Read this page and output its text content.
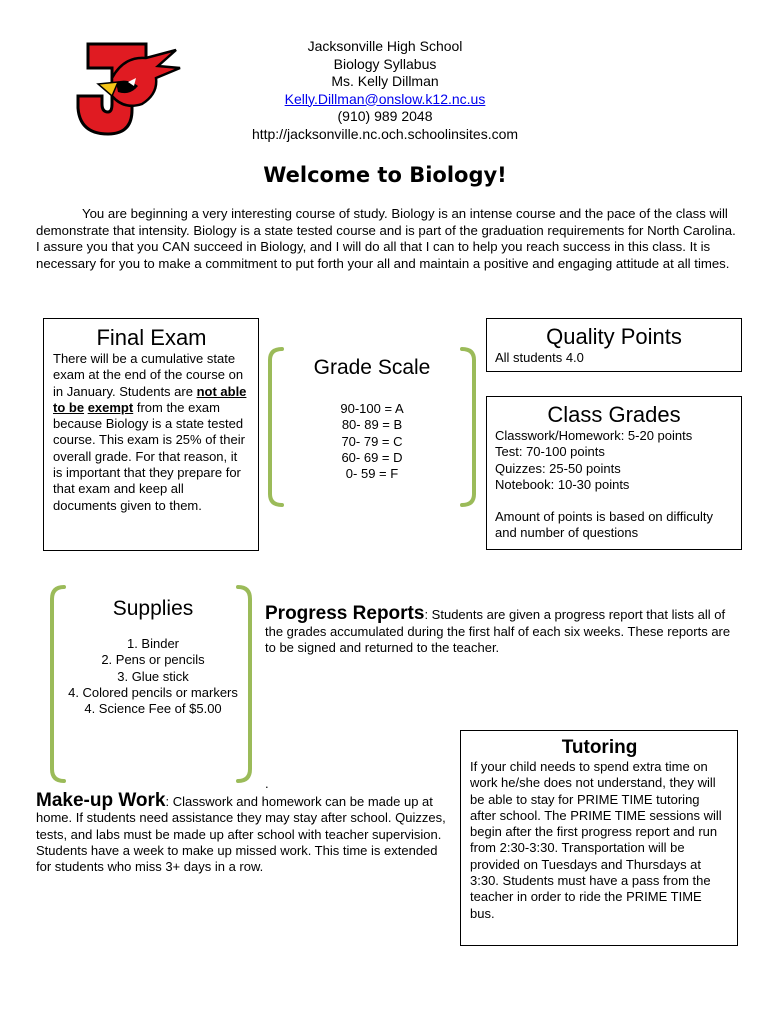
Jacksonville High School
Biology Syllabus
Ms. Kelly Dillman
Kelly.Dillman@onslow.k12.nc.us
(910) 989 2048
http://jacksonville.nc.och.schoolinsites.com
Welcome to Biology!
You are beginning a very interesting course of study. Biology is an intense course and the pace of the class will demonstrate that intensity. Biology is a state tested course and is part of the graduation requirements for North Carolina. I assure you that you CAN succeed in Biology, and I will do all that I can to help you reach success in this class. It is necessary for you to make a commitment to put forth your all and maintain a positive and engaging attitude at all times.
Final Exam
There will be a cumulative state exam at the end of the course on in January. Students are not able to be exempt from the exam because Biology is a state tested course. This exam is 25% of their overall grade. For that reason, it is important that they prepare for that exam and keep all documents given to them.
Grade Scale
90-100 = A
80- 89 = B
70- 79 = C
60- 69 = D
0- 59 = F
Quality Points
All students 4.0
Class Grades
Classwork/Homework: 5-20 points
Test: 70-100 points
Quizzes: 25-50 points
Notebook: 10-30 points
Amount of points is based on difficulty and number of questions
Supplies
1. Binder
2. Pens or pencils
3. Glue stick
4. Colored pencils or markers
4. Science Fee of $5.00
Progress Reports: Students are given a progress report that lists all of the grades accumulated during the first half of each six weeks. These reports are to be signed and returned to the teacher.
.
Make-up Work: Classwork and homework can be made up at home. If students need assistance they may stay after school. Quizzes, tests, and labs must be made up after school with teacher supervision. Students have a week to make up missed work. This time is extended for students who miss 3+ days in a row.
Tutoring
If your child needs to spend extra time on work he/she does not understand, they will be able to stay for PRIME TIME tutoring after school. The PRIME TIME sessions will begin after the first progress report and run from 2:30-3:30. Transportation will be provided on Tuesdays and Thursdays at 3:30. Students must have a pass from the teacher in order to ride the PRIME TIME bus.
